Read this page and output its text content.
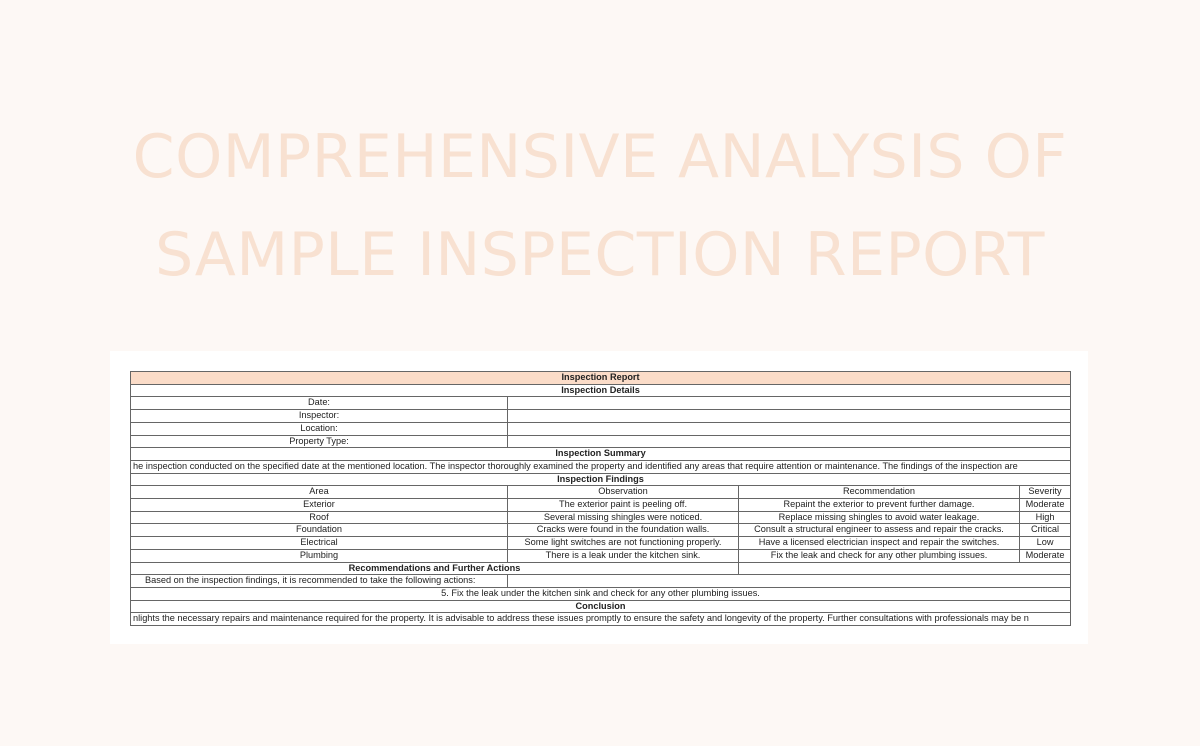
COMPREHENSIVE ANALYSIS OF
SAMPLE INSPECTION REPORT
Inspection Report			
Inspection Details			
Date:			
Inspector:			
Location:			
Property Type:			
Inspection Summary			
he inspection conducted on the specified date at the mentioned location. The inspector thoroughly examined the property and identified any areas that require attention or maintenance. The findings of the inspection are			
Inspection Findings			
Area	Observation	Recommendation	Severity
Exterior	The exterior paint is peeling off.	Repaint the exterior to prevent further damage.	Moderate
Roof	Several missing shingles were noticed.	Replace missing shingles to avoid water leakage.	High
Foundation	Cracks were found in the foundation walls.	Consult a structural engineer to assess and repair the cracks.	Critical
Electrical	Some light switches are not functioning properly.	Have a licensed electrician inspect and repair the switches.	Low
Plumbing	There is a leak under the kitchen sink.	Fix the leak and check for any other plumbing issues.	Moderate
Recommendations and Further Actions			
Based on the inspection findings, it is recommended to take the following actions:			
5. Fix the leak under the kitchen sink and check for any other plumbing issues.			
Conclusion			
nlights the necessary repairs and maintenance required for the property. It is advisable to address these issues promptly to ensure the safety and longevity of the property. Further consultations with professionals may be n			
